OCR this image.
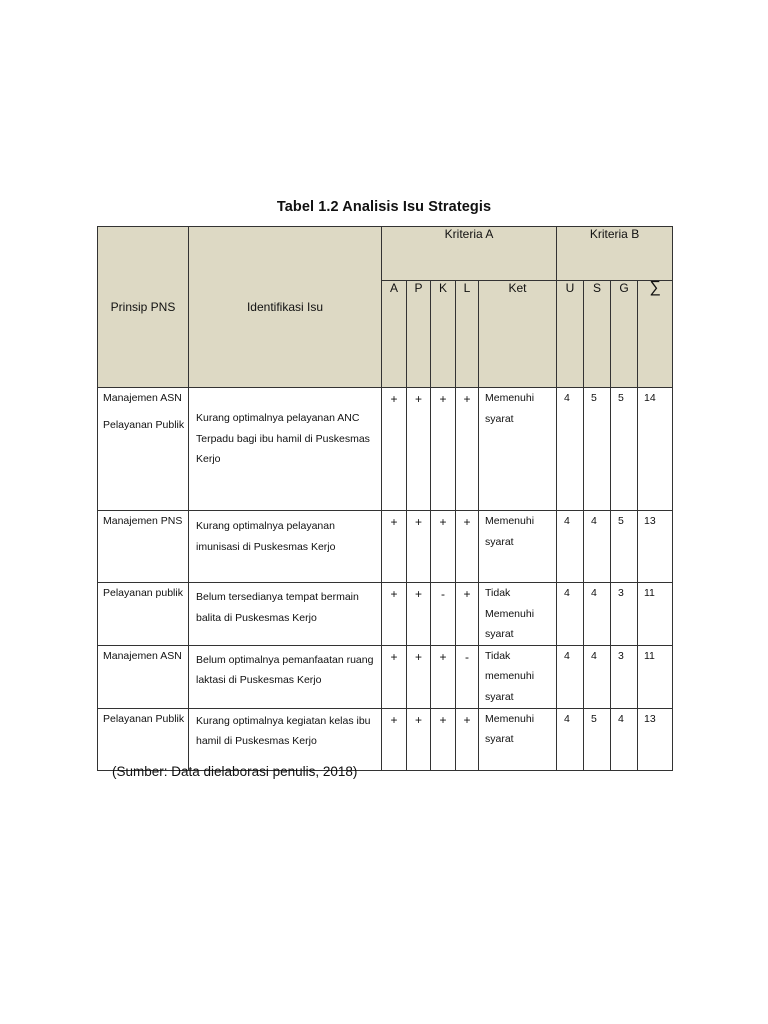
Tabel 1.2 Analisis Isu Strategis
Prinsip PNS	Identifikasi Isu	Kriteria A					Kriteria B			
		A	P	K	L	Ket	U	S	G	∑

Manajemen ASN
Pelayanan Publik	Kurang optimalnya pelayanan ANC Terpadu bagi ibu hamil di Puskesmas Kerjo	+	+	+	+	Memenuhi syarat	4	5	5	14
Manajemen PNS	Kurang optimalnya pelayanan imunisasi di Puskesmas Kerjo	+	+	+	+	Memenuhi syarat	4	4	5	13
Pelayanan publik	Belum tersedianya tempat bermain balita di Puskesmas Kerjo	+	+	-	+	Tidak Memenuhi syarat	4	4	3	11
Manajemen ASN	Belum optimalnya pemanfaatan ruang laktasi di Puskesmas Kerjo	+	+	+	-	Tidak memenuhi syarat	4	4	3	11
Pelayanan Publik	Kurang optimalnya kegiatan kelas ibu hamil di Puskesmas Kerjo	+	+	+	+	Memenuhi syarat	4	5	4	13
(Sumber: Data dielaborasi penulis, 2018)
